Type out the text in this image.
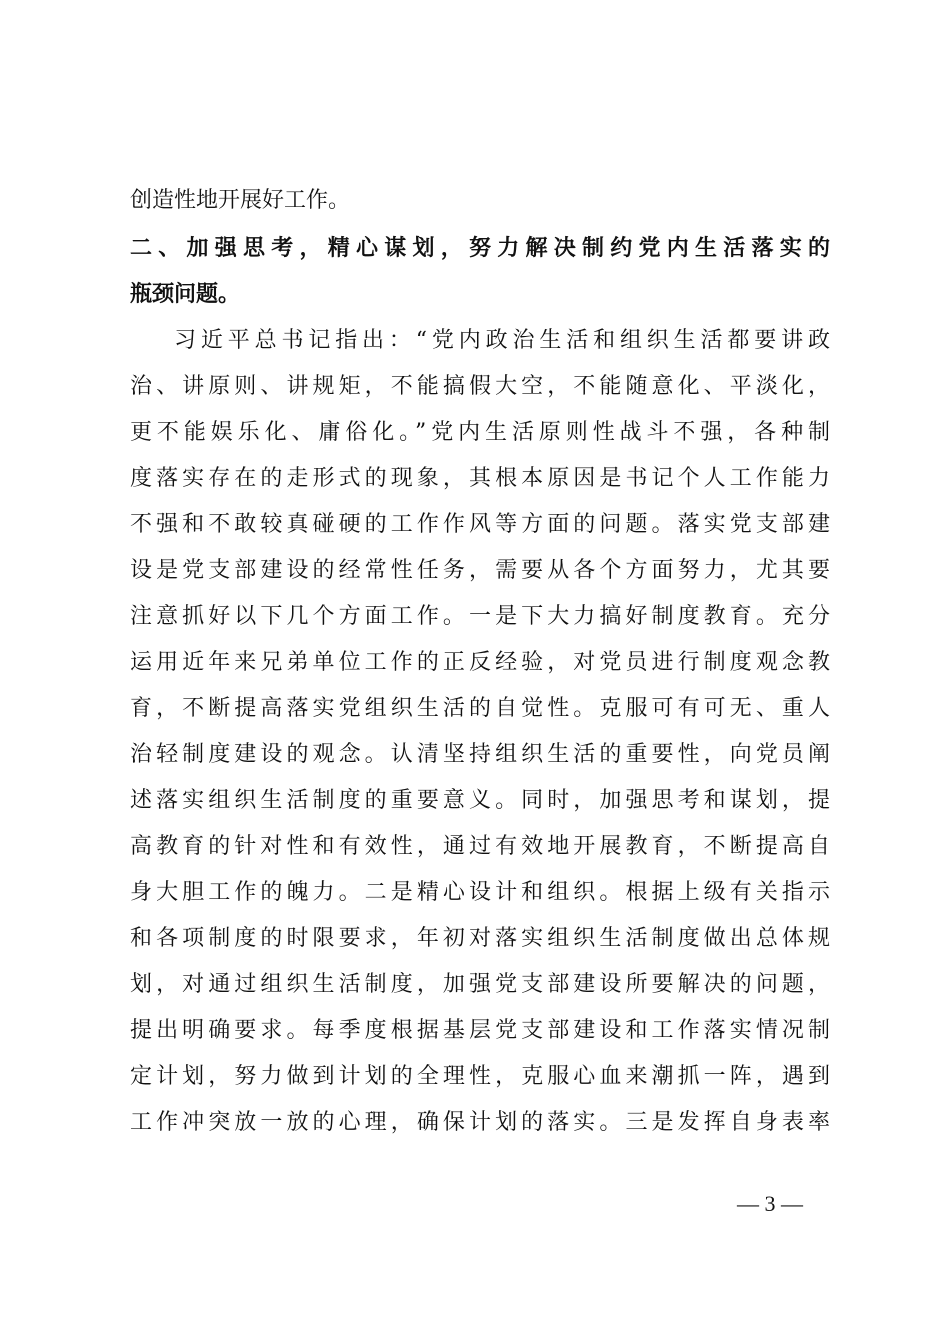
创造性地开展好工作。
二、加强思考，精心谋划，努力解决制约党内生活落实的
瓶颈问题。
习近平总书记指出：“党内政治生活和组织生活都要讲政
治、讲原则、讲规矩，不能搞假大空，不能随意化、平淡化，
更不能娱乐化、庸俗化。”党内生活原则性战斗不强，各种制
度落实存在的走形式的现象，其根本原因是书记个人工作能力
不强和不敢较真碰硬的工作作风等方面的问题。落实党支部建
设是党支部建设的经常性任务，需要从各个方面努力，尤其要
注意抓好以下几个方面工作。一是下大力搞好制度教育。充分
运用近年来兄弟单位工作的正反经验，对党员进行制度观念教
育，不断提高落实党组织生活的自觉性。克服可有可无、重人
治轻制度建设的观念。认清坚持组织生活的重要性，向党员阐
述落实组织生活制度的重要意义。同时，加强思考和谋划，提
高教育的针对性和有效性，通过有效地开展教育，不断提高自
身大胆工作的魄力。二是精心设计和组织。根据上级有关指示
和各项制度的时限要求，年初对落实组织生活制度做出总体规
划，对通过组织生活制度，加强党支部建设所要解决的问题，
提出明确要求。每季度根据基层党支部建设和工作落实情况制
定计划，努力做到计划的全理性，克服心血来潮抓一阵，遇到
工作冲突放一放的心理，确保计划的落实。三是发挥自身表率
— 3 —
